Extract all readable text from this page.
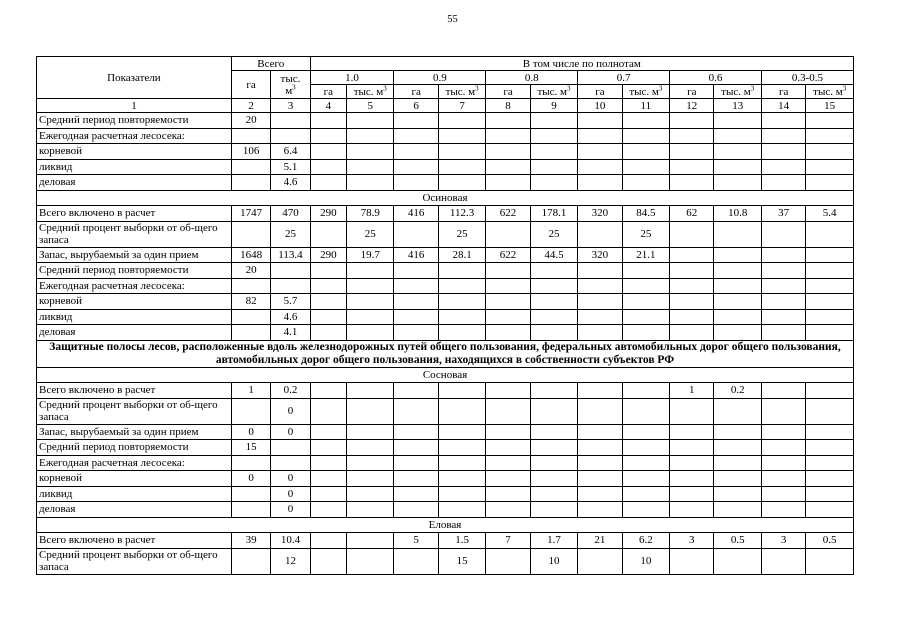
55
Показатели	Всего		В том числе по полнотам											
	га	тыс.
$м^3$	1.0		0.9		0.8		0.7		0.6		0.3-0.5	
			га	тыс. $м^3$	га	тыс. $м^3$	га	тыс. $м^3$	га	тыс. $м^3$	га	тыс. $м^3$	га	тыс. $м^3$
1	2	3	4	5	6	7	8	9	10	11	12	13	14	15
Средний период повторяемости	20													
Ежегодная расчетная лесосека:														
корневой	106	6.4												
ликвид		5.1												
деловая		4.6												
Осиновая														
Всего включено в расчет	1747	470	290	78.9	416	112.3	622	178.1	320	84.5	62	10.8	37	5.4
Средний процент выборки от об-щего запаса		25		25		25		25		25				
Запас, вырубаемый за один прием	1648	113.4	290	19.7	416	28.1	622	44.5	320	21.1				
Средний период повторяемости	20													
Ежегодная расчетная лесосека:														
корневой	82	5.7												
ликвид		4.6												
деловая		4.1												
Защитные полосы лесов, расположенные вдоль железнодорожных путей общего пользования, федеральных автомобильных дорог общего пользования, автомобильных дорог общего пользования, находящихся в собственности субъектов РФ														
Сосновая														
Всего включено в расчет	1	0.2									1	0.2		
Средний процент выборки от об-щего запаса		0												
Запас, вырубаемый за один прием	0	0												
Средний период повторяемости	15													
Ежегодная расчетная лесосека:														
корневой	0	0												
ликвид		0												
деловая		0												
Еловая														
Всего включено в расчет	39	10.4			5	1.5	7	1.7	21	6.2	3	0.5	3	0.5
Средний процент выборки от об-щего запаса		12				15		10		10				
